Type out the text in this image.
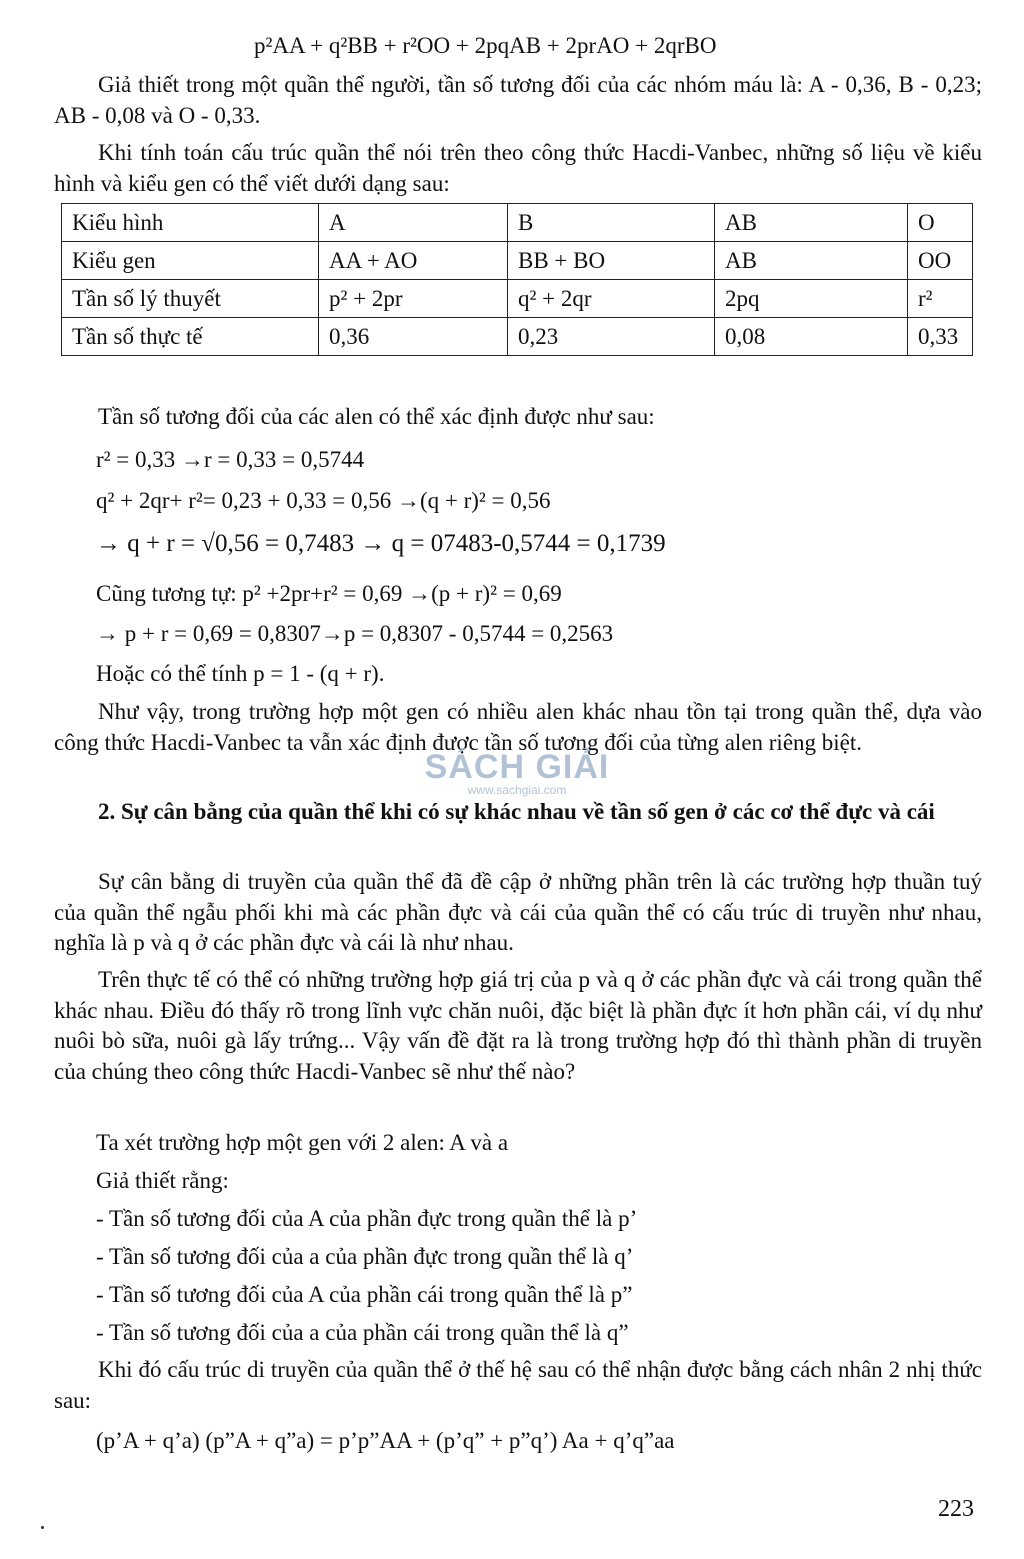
p²AA + q²BB + r²OO + 2pqAB + 2prAO + 2qrBO
Giả thiết trong một quần thể người, tần số tương đối của các nhóm máu là: A - 0,36, B - 0,23; AB - 0,08 và O - 0,33.
Khi tính toán cấu trúc quần thể nói trên theo công thức Hacdi-Vanbec, những số liệu về kiểu hình và kiểu gen có thể viết dưới dạng sau:
Kiểu hình	A	B	AB	O
Kiểu gen	AA + AO	BB + BO	AB	OO
Tần số lý thuyết	p² + 2pr	q² + 2qr	2pq	r²
Tần số thực tế	0,36	0,23	0,08	0,33
Tần số tương đối của các alen có thể xác định được như sau:
r² = 0,33 →r = 0,33 = 0,5744
q² + 2qr+ r²= 0,23 + 0,33 = 0,56 →(q + r)² = 0,56
→ q + r = √0,56 = 0,7483 → q = 07483-0,5744 = 0,1739
Cũng tương tự: p² +2pr+r² = 0,69 →(p + r)² = 0,69
→ p + r = 0,69 = 0,8307→p = 0,8307 - 0,5744 = 0,2563
Hoặc có thể tính p = 1 - (q + r).
Như vậy, trong trường hợp một gen có nhiều alen khác nhau tồn tại trong quần thể, dựa vào công thức Hacdi-Vanbec ta vẫn xác định được tần số tương đối của từng alen riêng biệt.
SÁCH GIẢI
www.sachgiai.com
2. Sự cân bằng của quần thể khi có sự khác nhau về tần số gen ở các cơ thể đực và cái
Sự cân bằng di truyền của quần thể đã đề cập ở những phần trên là các trường hợp thuần tuý của quần thể ngẫu phối khi mà các phần đực và cái của quần thể có cấu trúc di truyền như nhau, nghĩa là p và q ở các phần đực và cái là như nhau.
Trên thực tế có thể có những trường hợp giá trị của p và q ở các phần đực và cái trong quần thể khác nhau. Điều đó thấy rõ trong lĩnh vực chăn nuôi, đặc biệt là phần đực ít hơn phần cái, ví dụ như nuôi bò sữa, nuôi gà lấy trứng... Vậy vấn đề đặt ra là trong trường hợp đó thì thành phần di truyền của chúng theo công thức Hacdi-Vanbec sẽ như thế nào?
Ta xét trường hợp một gen với 2 alen: A và a
Giả thiết rằng:
- Tần số tương đối của A của phần đực trong quần thể là p’
- Tần số tương đối của a của phần đực trong quần thể là q’
- Tần số tương đối của A của phần cái trong quần thể là p”
- Tần số tương đối của a của phần cái trong quần thể là q”
Khi đó cấu trúc di truyền của quần thể ở thế hệ sau có thể nhận được bằng cách nhân 2 nhị thức sau:
(p’A + q’a) (p”A + q”a) = p’p”AA + (p’q” + p”q’) Aa + q’q”aa
223
